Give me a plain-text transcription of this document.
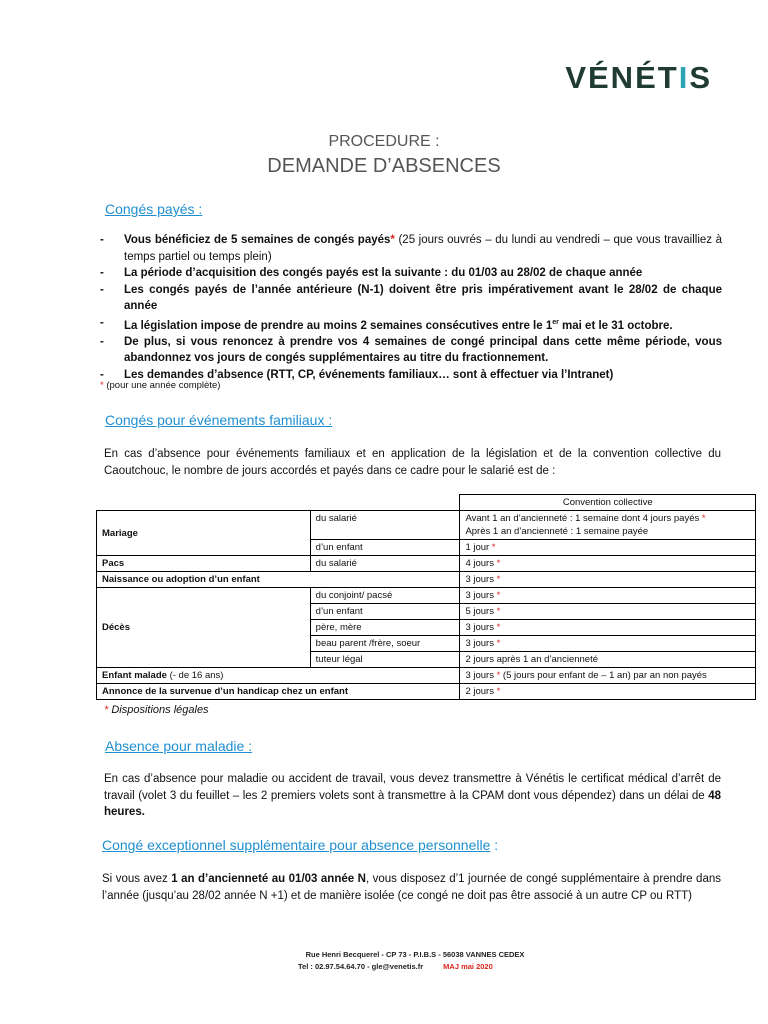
VÉNÉTIS
PROCEDURE :
DEMANDE D’ABSENCES
Congés payés :
- Vous bénéficiez de 5 semaines de congés payés* (25 jours ouvrés – du lundi au vendredi – que vous travailliez à temps partiel ou temps plein)
- La période d’acquisition des congés payés est la suivante : du 01/03 au 28/02 de chaque année
- Les congés payés de l’année antérieure (N-1) doivent être pris impérativement avant le 28/02 de chaque année
- La législation impose de prendre au moins 2 semaines consécutives entre le 1er mai et le 31 octobre.
- De plus, si vous renoncez à prendre vos 4 semaines de congé principal dans cette même période, vous abandonnez vos jours de congés supplémentaires au titre du fractionnement.
- Les demandes d’absence (RTT, CP, événements familiaux… sont à effectuer via l’Intranet)
* (pour une année complète)
Congés pour événements familiaux :
En cas d’absence pour événements familiaux et en application de la législation et de la convention collective du Caoutchouc, le nombre de jours accordés et payés dans ce cadre pour le salarié est de :
		Convention collective
Mariage	du salarié	Avant 1 an d’ancienneté : 1 semaine dont 4 jours payés *
Après 1 an d’ancienneté : 1 semaine payée
	d’un enfant	1 jour *
Pacs	du salarié	4 jours *
Naissance ou adoption d’un enfant		3 jours *
Décès	du conjoint/ pacsé	3 jours *
	d’un enfant	5 jours *
	père, mère	3 jours *
	beau parent /frère, soeur	3 jours *
	tuteur légal	2 jours après 1 an d’ancienneté
Enfant malade (- de 16 ans)		3 jours * (5 jours pour enfant de – 1 an) par an non payés
Annonce de la survenue d’un handicap chez un enfant		2 jours *
* Dispositions légales
Absence pour maladie :
En cas d’absence pour maladie ou accident de travail, vous devez transmettre à Vénétis le certificat médical d’arrêt de travail (volet 3 du feuillet – les 2 premiers volets sont à transmettre à la CPAM dont vous dépendez) dans un délai de 48 heures.
Congé exceptionnel supplémentaire pour absence personnelle :
Si vous avez 1 an d’ancienneté au 01/03 année N, vous disposez d’1 journée de congé supplémentaire à prendre dans l’année (jusqu’au 28/02 année N +1) et de manière isolée (ce congé ne doit pas être associé à un autre CP ou RTT)
Rue Henri Becquerel - CP 73 - P.I.B.S - 56038 VANNES CEDEX
Tel : 02.97.54.64.70 - gle@venetis.fr	MAJ mai 2020
